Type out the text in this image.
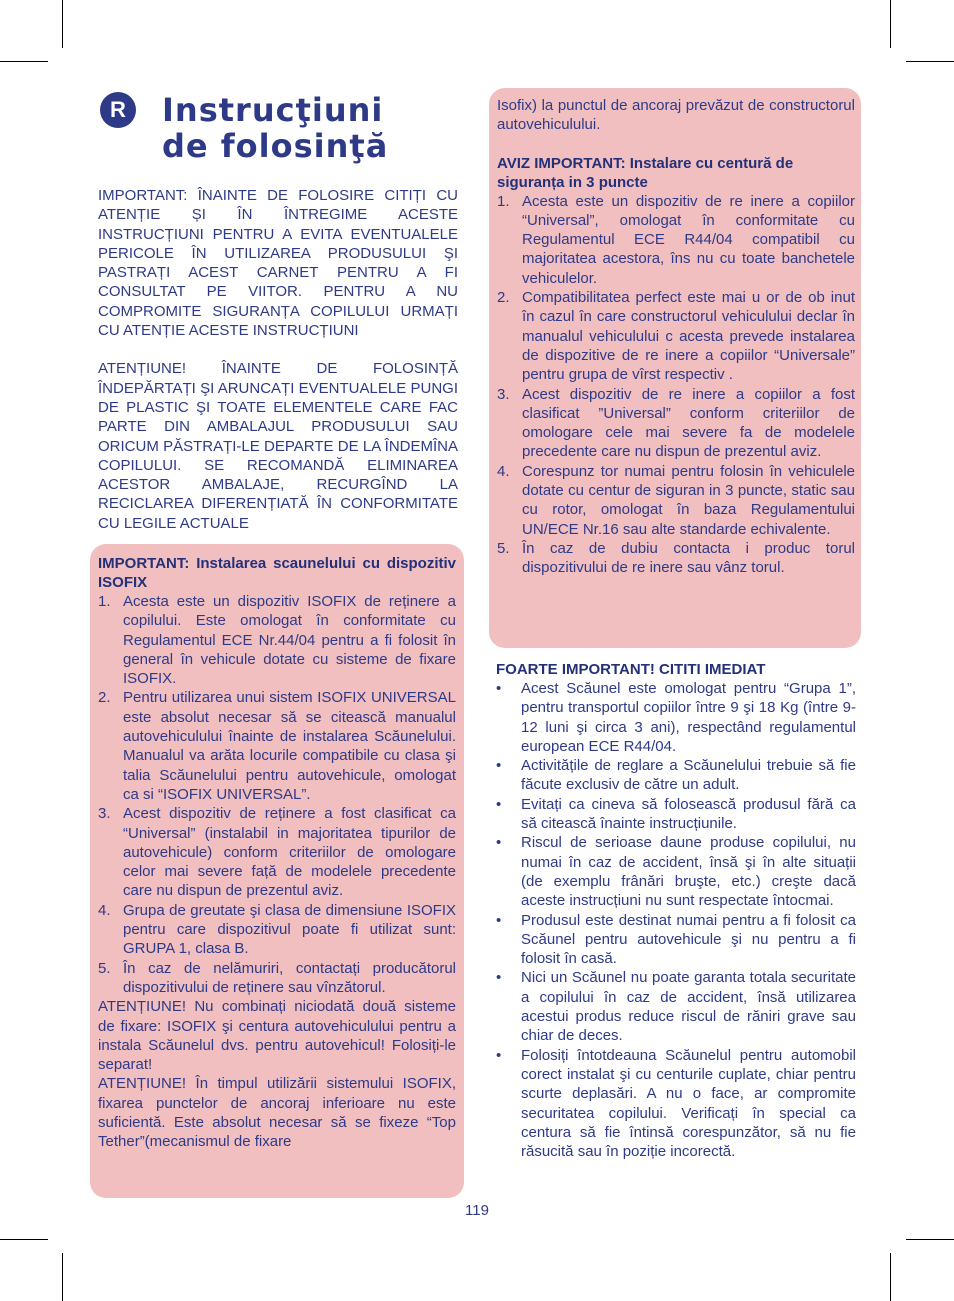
R	Instrucţiuni
de folosinţă

IMPORTANT: ÎNAINTE DE FOLOSIRE CITIȚI CU ATENȚIE ȘI ÎN ÎNTREGIME ACESTE INSTRUCȚIUNI PENTRU A EVITA EVENTUALELE PERICOLE ÎN UTILIZAREA PRODUSULUI ŞI PASTRAȚI ACEST CARNET PENTRU A FI CONSULTAT PE VIITOR. PENTRU A NU COMPROMITE SIGURANȚA COPILULUI URMAȚI CU ATENȚIE ACESTE INSTRUCȚIUNI

ATENȚIUNE! ÎNAINTE DE FOLOSINȚĂ ÎNDEPĂRTAȚI ŞI ARUNCAȚI EVENTUALELE PUNGI DE PLASTIC ŞI TOATE ELEMENTELE CARE FAC PARTE DIN AMBALAJUL PRODUSULUI SAU ORICUM PĂSTRAȚI-LE DEPARTE DE LA ÎNDEMÎNA COPILULUI. SE RECOMANDĂ ELIMINAREA ACESTOR AMBALAJE, RECURGÎND LA RECICLAREA DIFERENȚIATĂ ÎN CONFORMITATE CU LEGILE ACTUALE

IMPORTANT: Instalarea scaunelului cu dispozitiv ISOFIX

1. Acesta este un dispozitiv ISOFIX de reținere a copilului. Este omologat în conformitate cu Regulamentul ECE Nr.44/04 pentru a fi folosit în general în vehicule dotate cu sisteme de fixare ISOFIX.
2. Pentru utilizarea unui sistem ISOFIX UNIVERSAL este absolut necesar să se citească manualul autovehiculului înainte de instalarea Scăunelului. Manualul va arăta locurile compatibile cu clasa şi talia Scăunelului pentru autovehicule, omologat ca si “ISOFIX UNIVERSAL”.
3. Acest dispozitiv de reținere a fost clasificat ca “Universal” (instalabil in majoritatea tipurilor de autovehicule) conform criteriilor de omologare celor mai severe față de modelele precedente care nu dispun de prezentul aviz.
4. Grupa de greutate şi clasa de dimensiune ISOFIX pentru care dispozitivul poate fi utilizat sunt: GRUPA 1, clasa B.
5. În caz de nelămuriri, contactați producătorul dispozitivului de reținere sau vînzătorul.

ATENȚIUNE! Nu combinați niciodată două sisteme de fixare: ISOFIX şi centura autovehiculului pentru a instala Scăunelul dvs. pentru autovehicul! Folosiți-le separat!

ATENȚIUNE! În timpul utilizării sistemului ISOFIX, fixarea punctelor de ancoraj inferioare nu este suficientă. Este absolut necesar să se fixeze “Top Tether”(mecanismul de fixare

Isofix) la punctul de ancoraj prevăzut de constructorul autovehiculului.

AVIZ IMPORTANT: Instalare cu centură de siguranța in 3 puncte

1. Acesta este un dispozitiv de re inere a copiilor “Universal”, omologat în conformitate cu Regulamentul ECE R44/04 compatibil cu majoritatea acestora, îns nu cu toate banchetele vehiculelor.
2. Compatibilitatea perfect este mai u or de ob inut în cazul în care constructorul vehiculului declar în manualul vehiculului c acesta prevede instalarea de dispozitive de re inere a copiilor “Universale” pentru grupa de vîrst respectiv .
3. Acest dispozitiv de re inere a copiilor a fost clasificat ”Universal” conform criteriilor de omologare cele mai severe fa de modelele precedente care nu dispun de prezentul aviz.
4. Corespunz tor numai pentru folosin în vehiculele dotate cu centur de siguran in 3 puncte, static sau cu rotor, omologat în baza Regulamentului UN/ECE Nr.16 sau alte standarde echivalente.
5. În caz de dubiu contacta i produc torul dispozitivului de re inere sau vânz torul.

FOARTE IMPORTANT! CITITI IMEDIAT

• Acest Scăunel este omologat pentru “Grupa 1”, pentru transportul copiilor între 9 şi 18 Kg (între 9-12 luni şi circa 3 ani), respectând regulamentul european ECE R44/04.
• Activitățile de reglare a Scăunelului trebuie să fie făcute exclusiv de către un adult.
• Evitați ca cineva să folosească produsul fără ca să citească înainte instrucțiunile.
• Riscul de serioase daune produse copilului, nu numai în caz de accident, însă şi în alte situații (de exemplu frânări bruşte, etc.) creşte dacă aceste instrucțiuni nu sunt respectate întocmai.
• Produsul este destinat numai pentru a fi folosit ca Scăunel pentru autovehicule şi nu pentru a fi folosit în casă.
• Nici un Scăunel nu poate garanta totala securitate a copilului în caz de accident, însă utilizarea acestui produs reduce riscul de răniri grave sau chiar de deces.
• Folosiți întotdeauna Scăunelul pentru automobil corect instalat şi cu centurile cuplate, chiar pentru scurte deplasări. A nu o face, ar compromite securitatea copilului. Verificați în special ca centura să fie întinsă corespunzător, să nu fie răsucită sau în poziție incorectă.
119
